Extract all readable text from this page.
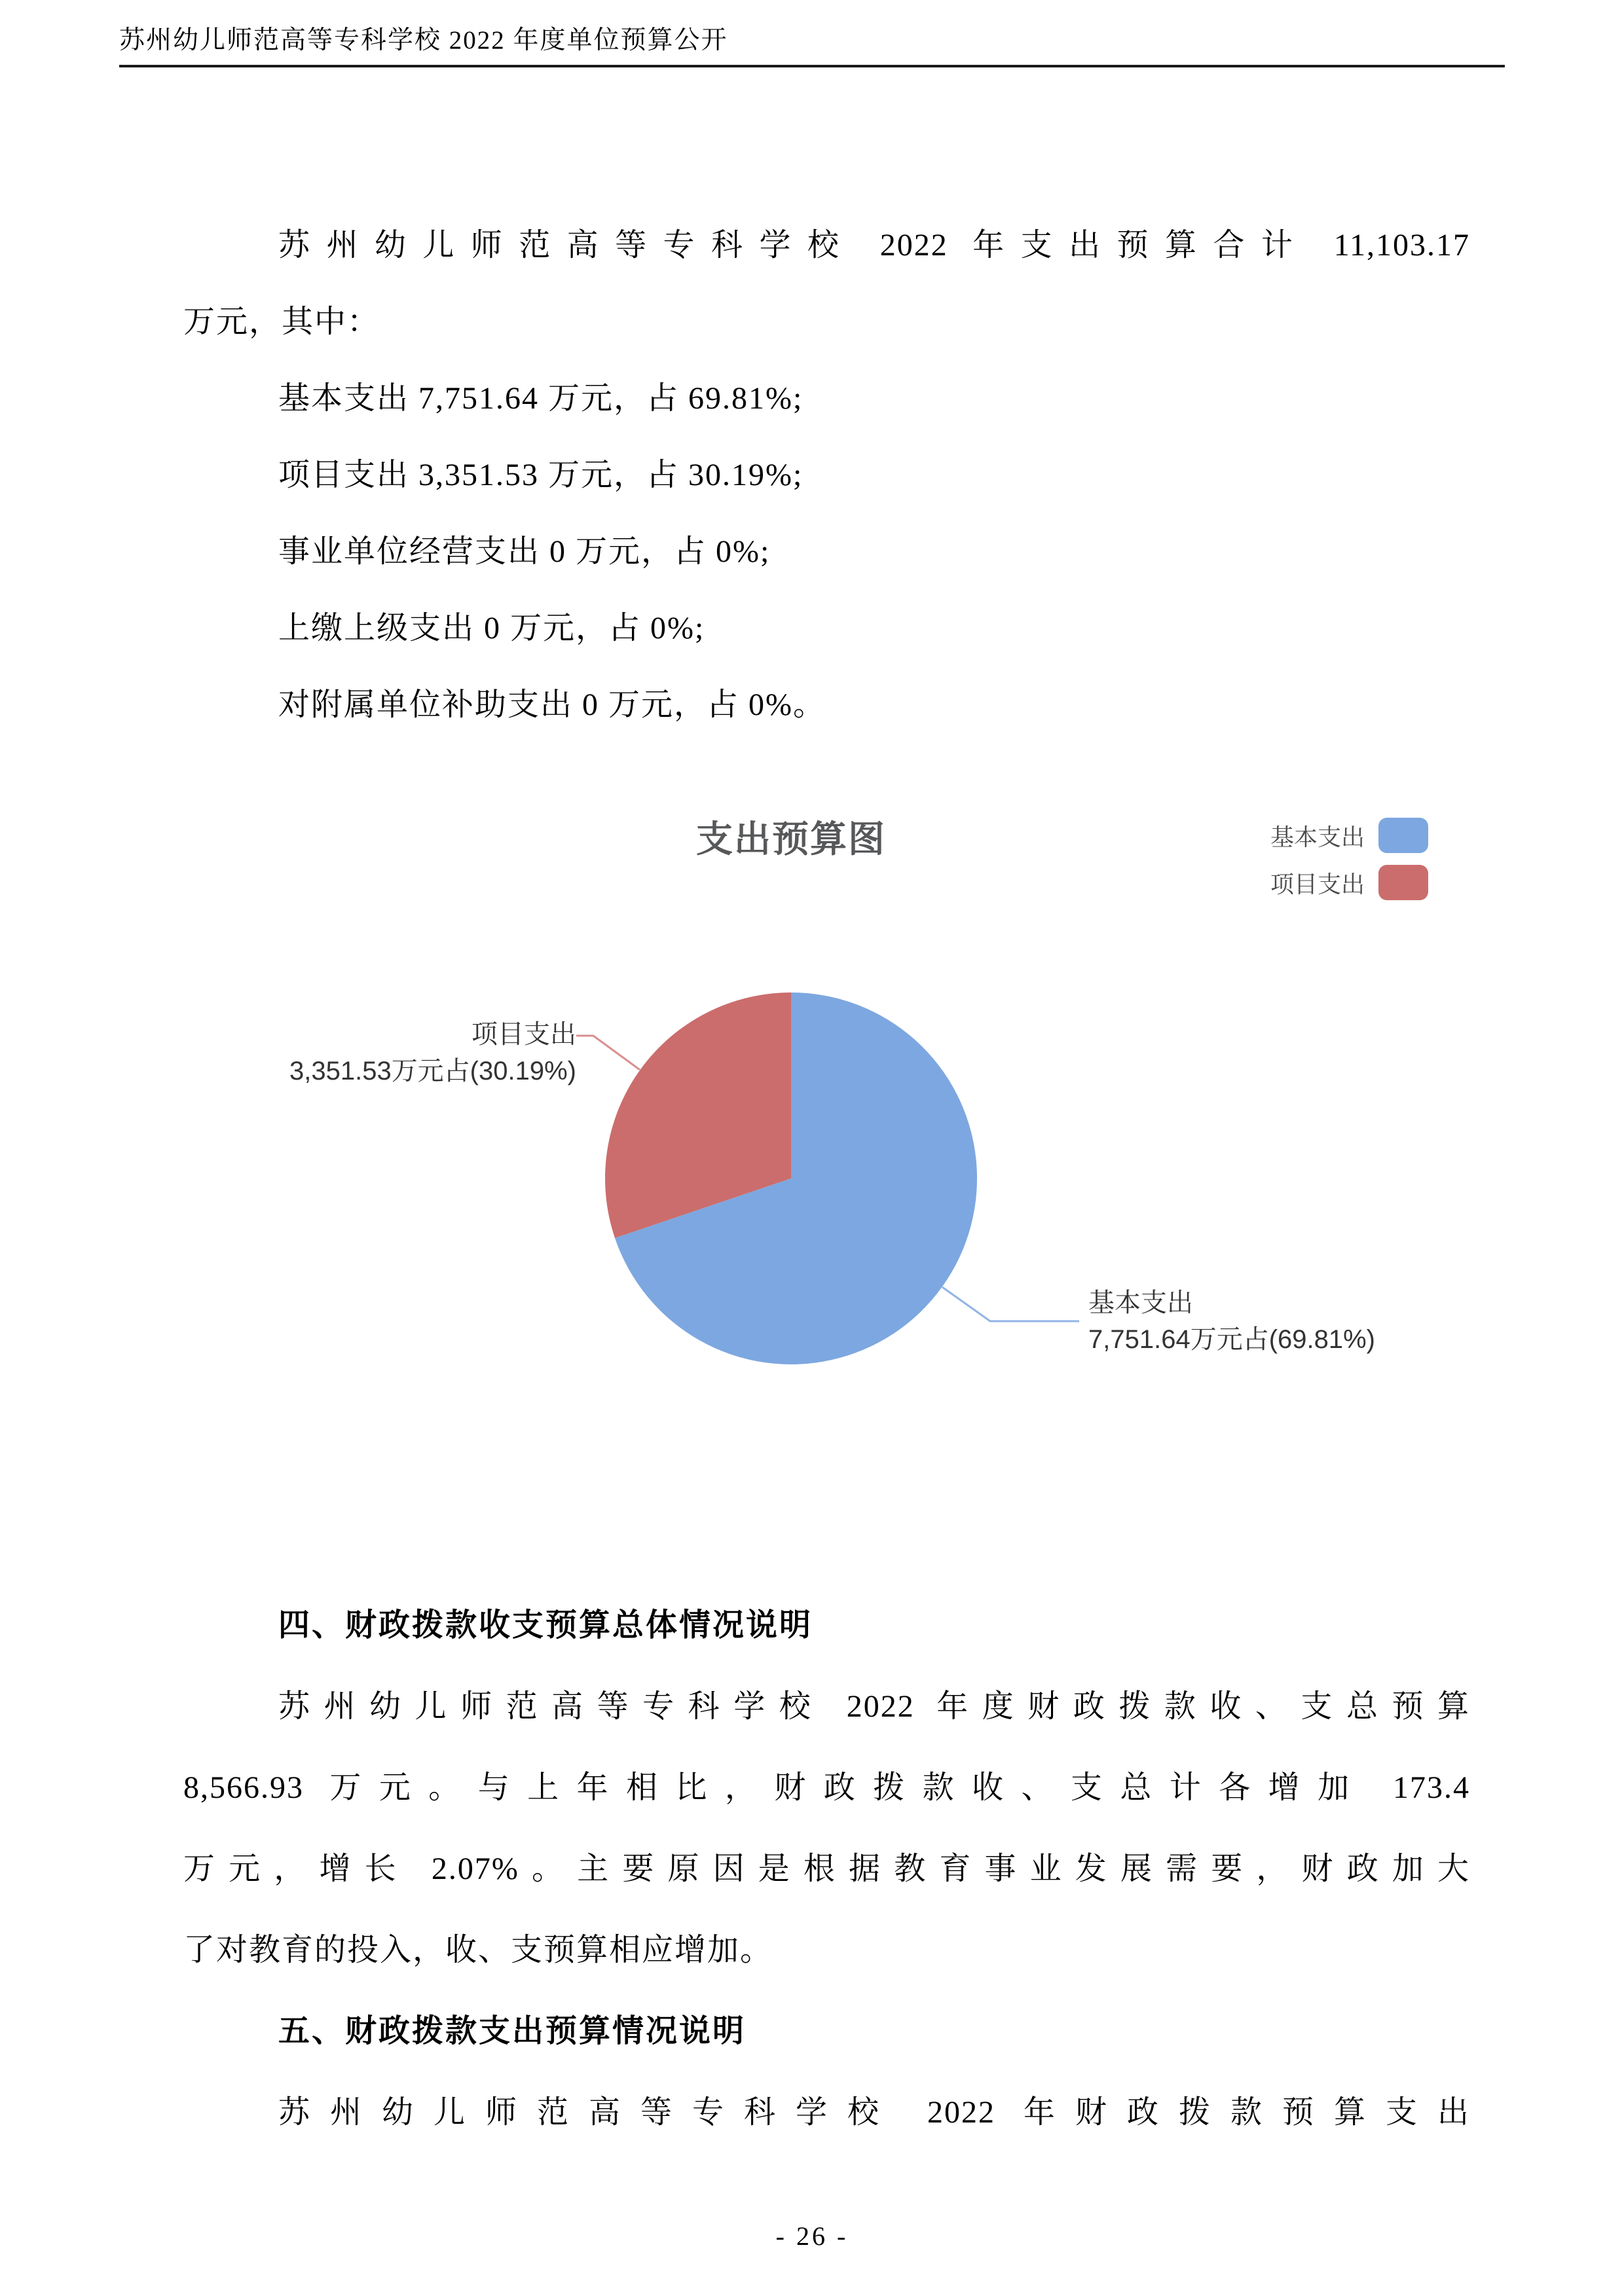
苏州幼儿师范高等专科学校 2022 年度单位预算公开
苏州幼儿师范高等专科学校 2022 年支出预算合计 11,103.17
万元，其中：
基本支出 7,751.64 万元，占 69.81%;
项目支出 3,351.53 万元，占 30.19%;
事业单位经营支出 0 万元，占 0%;
上缴上级支出 0 万元，占 0%;
对附属单位补助支出 0 万元，占 0%。
支出预算图	基本支出
项目支出
项目支出
3,351.53万元占(30.19%)
基本支出
7,751.64万元占(69.81%)
四、财政拨款收支预算总体情况说明
苏州幼儿师范高等专科学校 2022 年度财政拨款收、支总预算
8,566.93 万元。与上年相比，财政拨款收、支总计各增加 173.4
万元，增长 2.07%。主要原因是根据教育事业发展需要，财政加大
了对教育的投入，收、支预算相应增加。
五、财政拨款支出预算情况说明
苏州幼儿师范高等专科学校 2022 年财政拨款预算支出
- 26 -
